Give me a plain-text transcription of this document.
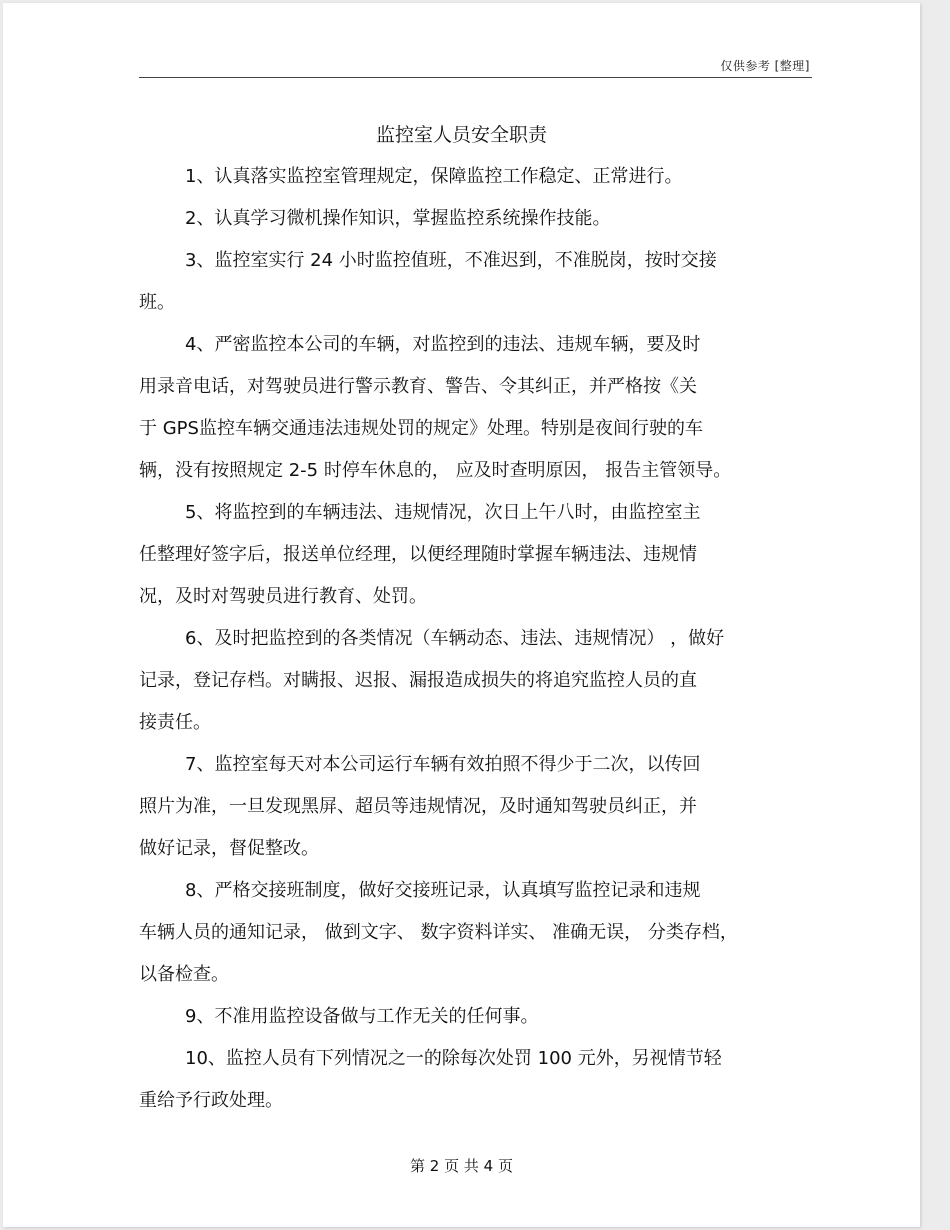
仅供参考 [整理]
监控室人员安全职责
1、认真落实监控室管理规定，保障监控工作稳定、正常进行。
2、认真学习微机操作知识，掌握监控系统操作技能。
3、监控室实行 24 小时监控值班，不准迟到，不准脱岗，按时交接
班。
4、严密监控本公司的车辆，对监控到的违法、违规车辆，要及时
用录音电话，对驾驶员进行警示教育、警告、令其纠正，并严格按《关
于 GPS监控车辆交通违法违规处罚的规定》处理。特别是夜间行驶的车
辆，没有按照规定 2-5 时停车休息的， 应及时查明原因， 报告主管领导。
5、将监控到的车辆违法、违规情况，次日上午八时，由监控室主
任整理好签字后，报送单位经理，以便经理随时掌握车辆违法、违规情
况，及时对驾驶员进行教育、处罚。
6、及时把监控到的各类情况（车辆动态、违法、违规情况） ，做好
记录，登记存档。对瞒报、迟报、漏报造成损失的将追究监控人员的直
接责任。
7、监控室每天对本公司运行车辆有效拍照不得少于二次，以传回
照片为准，一旦发现黑屏、超员等违规情况，及时通知驾驶员纠正，并
做好记录，督促整改。
8、严格交接班制度，做好交接班记录，认真填写监控记录和违规
车辆人员的通知记录， 做到文字、 数字资料详实、 准确无误， 分类存档，
以备检查。
9、不准用监控设备做与工作无关的任何事。
10、监控人员有下列情况之一的除每次处罚 100 元外，另视情节轻
重给予行政处理。
第 2 页 共 4 页
